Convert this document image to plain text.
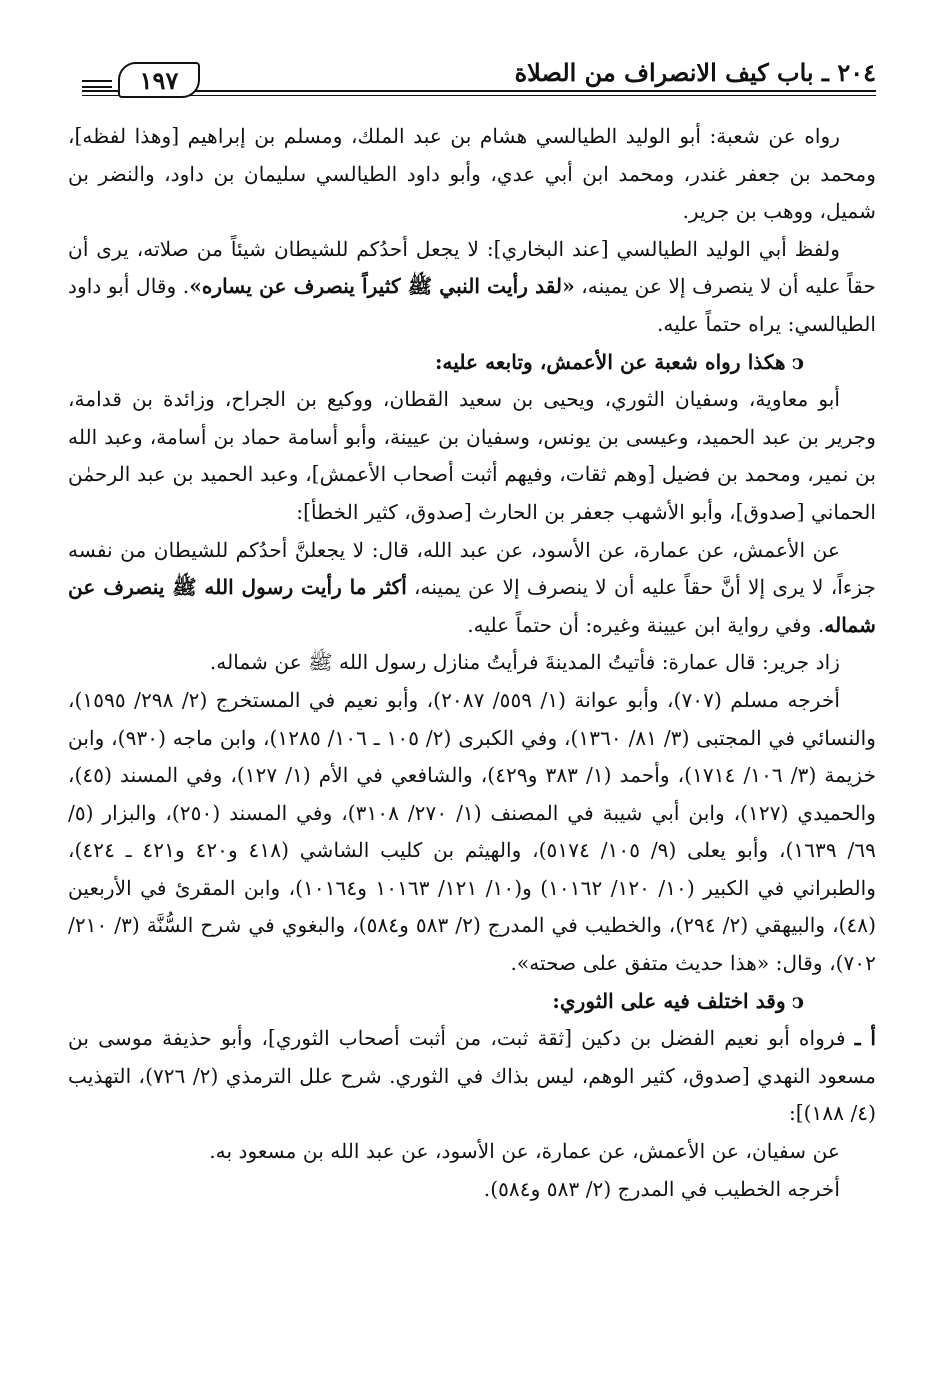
١٩٧	٢٠٤ ـ باب كيف الانصراف من الصلاة

رواه عن شعبة: أبو الوليد الطيالسي هشام بن عبد الملك، ومسلم بن إبراهيم [وهذا لفظه]، ومحمد بن جعفر غندر، ومحمد ابن أبي عدي، وأبو داود الطيالسي سليمان بن داود، والنضر بن شميل، ووهب بن جرير.

ولفظ أبي الوليد الطيالسي [عند البخاري]: لا يجعل أحدُكم للشيطان شيئاً من صلاته، يرى أن حقاً عليه أن لا ينصرف إلا عن يمينه، «لقد رأيت النبي ﷺ كثيراً ينصرف عن يساره». وقال أبو داود الطيالسي: يراه حتماً عليه.

ↄهكذا رواه شعبة عن الأعمش، وتابعه عليه:

أبو معاوية، وسفيان الثوري، ويحيى بن سعيد القطان، ووكيع بن الجراح، وزائدة بن قدامة، وجرير بن عبد الحميد، وعيسى بن يونس، وسفيان بن عيينة، وأبو أسامة حماد بن أسامة، وعبد الله بن نمير، ومحمد بن فضيل [وهم ثقات، وفيهم أثبت أصحاب الأعمش]، وعبد الحميد بن عبد الرحمٰن الحماني [صدوق]، وأبو الأشهب جعفر بن الحارث [صدوق، كثير الخطأ]:

عن الأعمش، عن عمارة، عن الأسود، عن عبد الله، قال: لا يجعلنَّ أحدُكم للشيطان من نفسه جزءاً، لا يرى إلا أنَّ حقاً عليه أن لا ينصرف إلا عن يمينه، أكثر ما رأيت رسول الله ﷺ ينصرف عن شماله. وفي رواية ابن عيينة وغيره: أن حتماً عليه.

زاد جرير: قال عمارة: فأتيتُ المدينةَ فرأيتُ منازل رسول الله ﷺ عن شماله.

أخرجه مسلم (٧٠٧)، وأبو عوانة (١/ ٥٥٩/ ٢٠٨٧)، وأبو نعيم في المستخرج (٢/ ٢٩٨/ ١٥٩٥)، والنسائي في المجتبى (٣/ ٨١/ ١٣٦٠)، وفي الكبرى (٢/ ١٠٥ ـ ١٠٦/ ١٢٨٥)، وابن ماجه (٩٣٠)، وابن خزيمة (٣/ ١٠٦/ ١٧١٤)، وأحمد (١/ ٣٨٣ و٤٢٩)، والشافعي في الأم (١/ ١٢٧)، وفي المسند (٤٥)، والحميدي (١٢٧)، وابن أبي شيبة في المصنف (١/ ٢٧٠/ ٣١٠٨)، وفي المسند (٢٥٠)، والبزار (٥/ ٦٩/ ١٦٣٩)، وأبو يعلى (٩/ ١٠٥/ ٥١٧٤)، والهيثم بن كليب الشاشي (٤١٨ و٤٢٠ و٤٢١ ـ ٤٢٤)، والطبراني في الكبير (١٠/ ١٢٠/ ١٠١٦٢) و(١٠/ ١٢١/ ١٠١٦٣ و١٠١٦٤)، وابن المقرئ في الأربعين (٤٨)، والبيهقي (٢/ ٢٩٤)، والخطيب في المدرج (٢/ ٥٨٣ و٥٨٤)، والبغوي في شرح السُّنَّة (٣/ ٢١٠/ ٧٠٢)، وقال: «هذا حديث متفق على صحته».

ↄوقد اختلف فيه على الثوري:

أ ـ فرواه أبو نعيم الفضل بن دكين [ثقة ثبت، من أثبت أصحاب الثوري]، وأبو حذيفة موسى بن مسعود النهدي [صدوق، كثير الوهم، ليس بذاك في الثوري. شرح علل الترمذي (٢/ ٧٢٦)، التهذيب (٤/ ١٨٨)]:

عن سفيان، عن الأعمش، عن عمارة، عن الأسود، عن عبد الله بن مسعود به.

أخرجه الخطيب في المدرج (٢/ ٥٨٣ و٥٨٤).
